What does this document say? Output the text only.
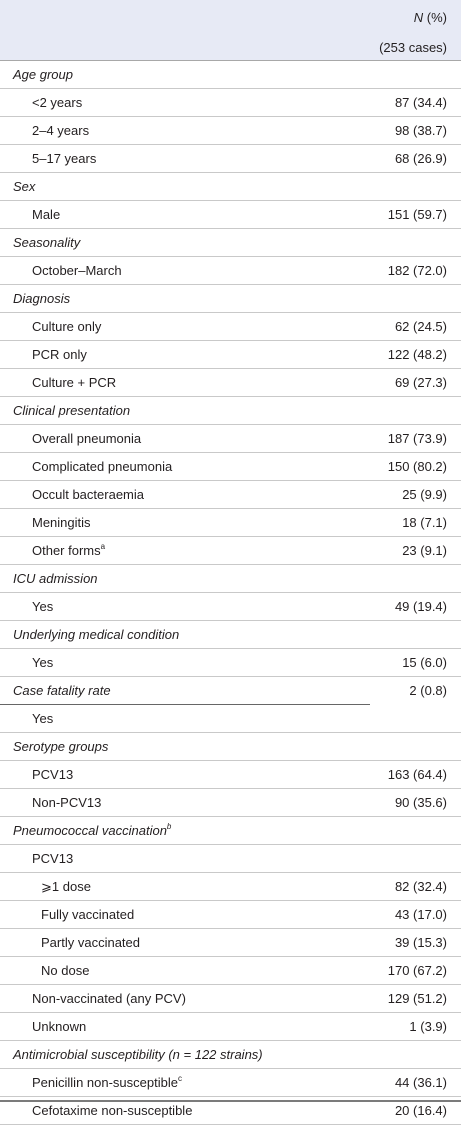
N (%)
(253 cases)
Age group
<2 years	87 (34.4)
2–4 years	98 (38.7)
5–17 years	68 (26.9)
Sex
Male	151 (59.7)
Seasonality
October–March	182 (72.0)
Diagnosis
Culture only	62 (24.5)
PCR only	122 (48.2)
Culture + PCR	69 (27.3)
Clinical presentation
Overall pneumonia	187 (73.9)
Complicated pneumonia	150 (80.2)
Occult bacteraemia	25 (9.9)
Meningitis	18 (7.1)
Other forms$^a$	23 (9.1)
ICU admission
Yes	49 (19.4)
Underlying medical condition
Yes	15 (6.0)
Case fatality rate	2 (0.8)
Yes
Serotype groups
PCV13	163 (64.4)
Non-PCV13	90 (35.6)
Pneumococcal vaccination$^b$
PCV13
⩾1 dose	82 (32.4)
Fully vaccinated	43 (17.0)
Partly vaccinated	39 (15.3)
No dose	170 (67.2)
Non-vaccinated (any PCV)	129 (51.2)
Unknown	1 (3.9)
Antimicrobial susceptibility (n = 122 strains)
Penicillin non-susceptible$^c$	44 (36.1)
Cefotaxime non-susceptible	20 (16.4)
